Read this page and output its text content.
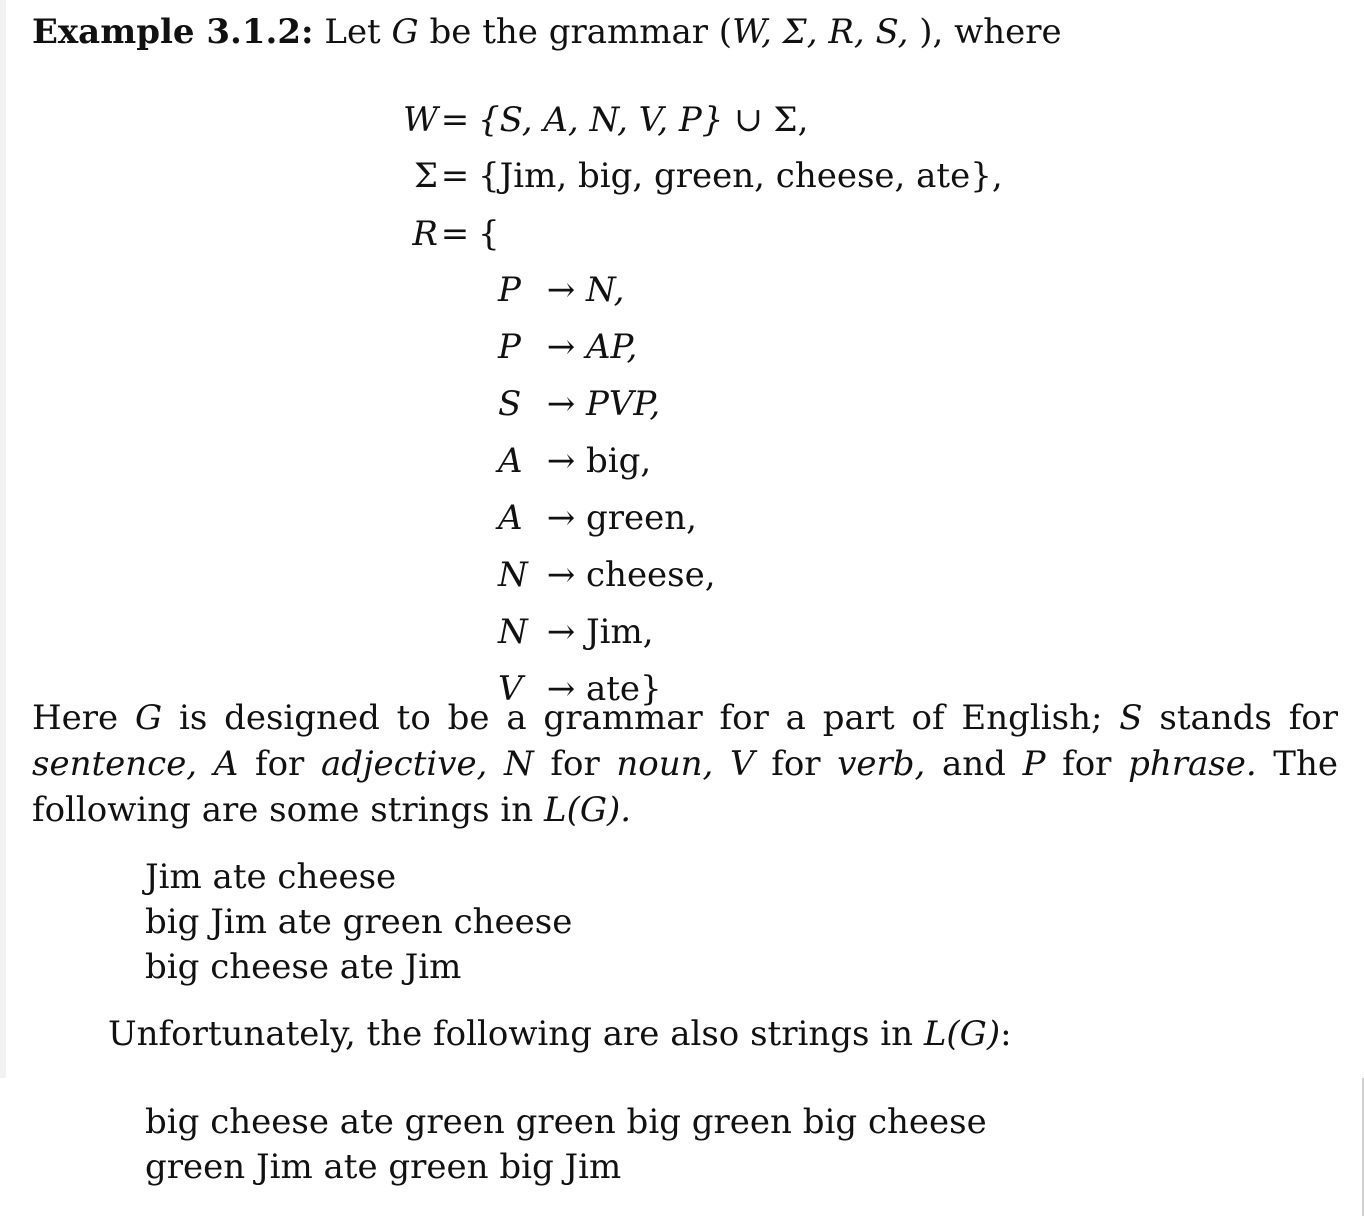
Example 3.1.2: Let G be the grammar (W, Σ, R, S, ), where
W = {S, A, N, V, P} ∪ Σ,
Σ = {Jim, big, green, cheese, ate},
R = {
P → N,
P → AP,
S → PVP,
A → big,
A → green,
N → cheese,
N → Jim,
V → ate}
Here G is designed to be a grammar for a part of English; S stands for sentence, A for adjective, N for noun, V for verb, and P for phrase. The following are some strings in L(G).
Jim ate cheese
big Jim ate green cheese
big cheese ate Jim
Unfortunately, the following are also strings in L(G):
big cheese ate green green big green big cheese
green Jim ate green big Jim
